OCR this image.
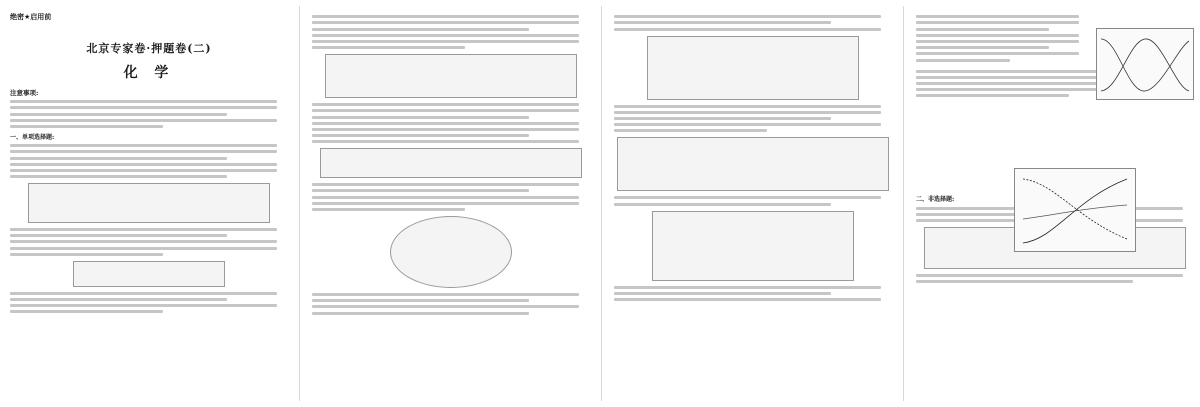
绝密★启用前
北京专家卷·押题卷(二)
化 学
注意事项:
一、单项选择题:
二、非选择题:
